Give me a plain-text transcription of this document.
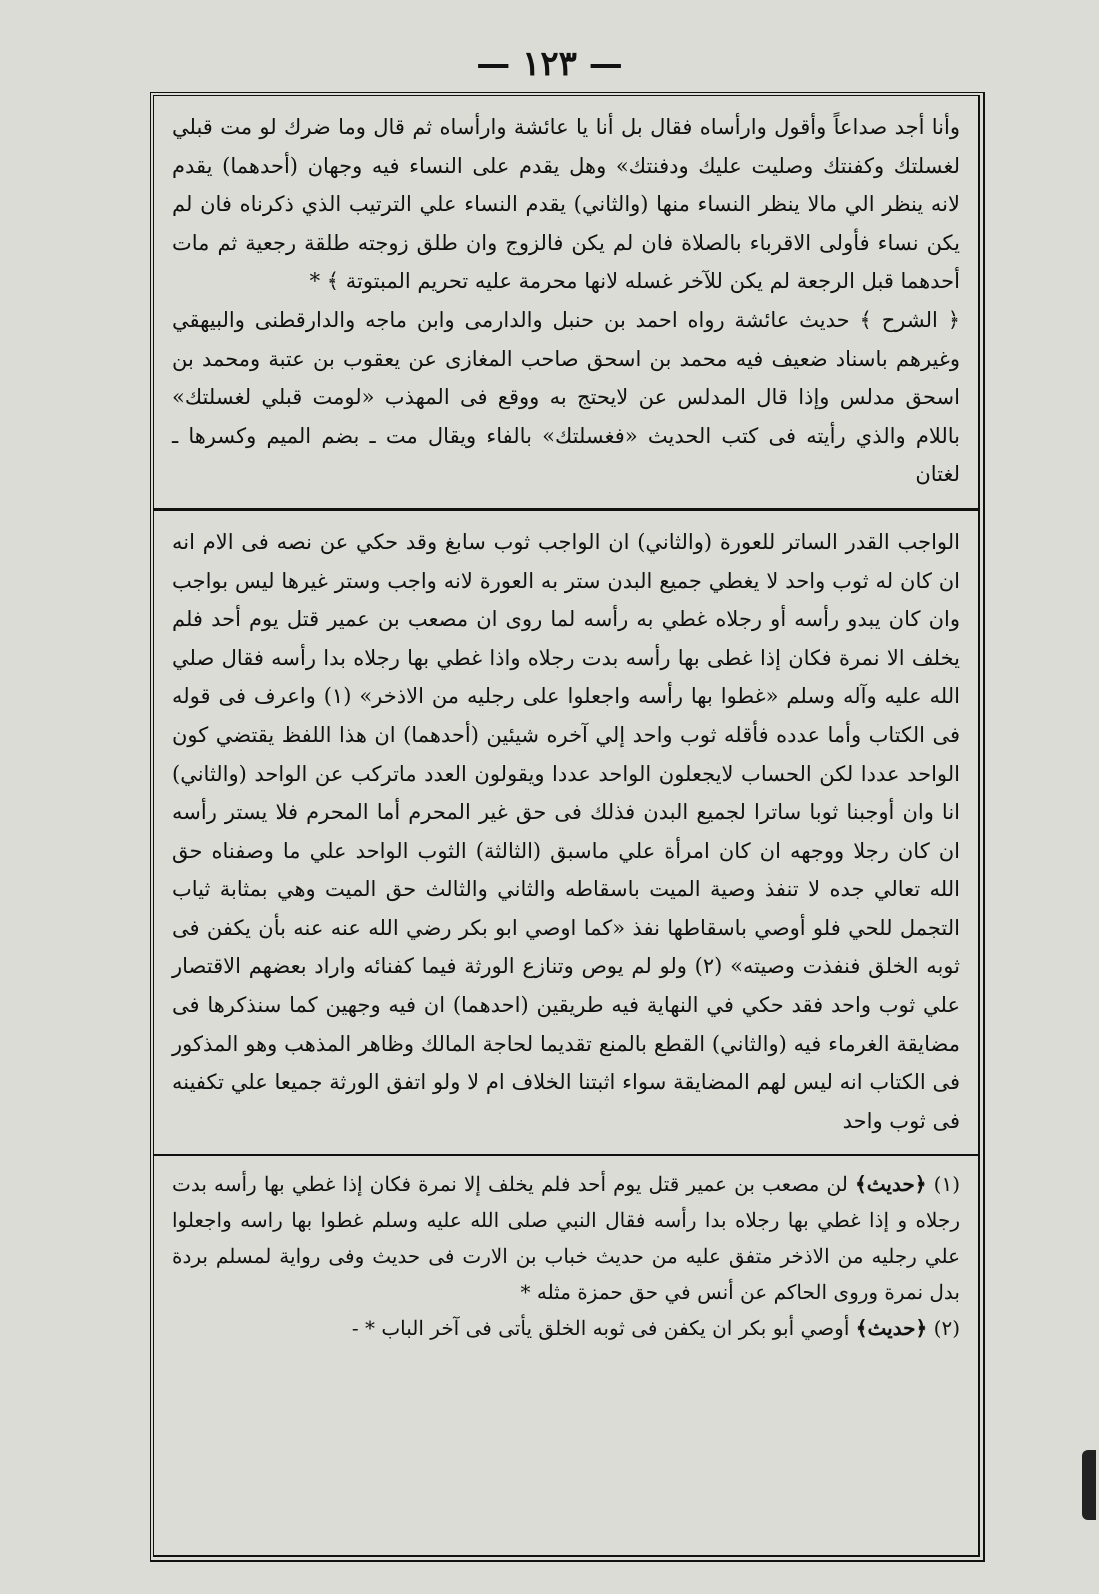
— ١٢٣ —

وأنا أجد صداعاً وأقول وارأساه فقال بل أنا يا عائشة وارأساه ثم قال وما ضرك لو مت قبلي لغسلتك وكفنتك وصليت عليك ودفنتك» وهل يقدم على النساء فيه وجهان (أحدهما) يقدم لانه ينظر الي مالا ينظر النساء منها (والثاني) يقدم النساء علي الترتيب الذي ذكرناه فان لم يكن نساء فأولى الاقرباء بالصلاة فان لم يكن فالزوج وان طلق زوجته طلقة رجعية ثم مات أحدهما قبل الرجعة لم يكن للآخر غسله لانها محرمة عليه تحريم المبتوتة ﴾ *

﴿ الشرح ﴾ حديث عائشة رواه احمد بن حنبل والدارمى وابن ماجه والدارقطنى والبيهقي وغيرهم باسناد ضعيف فيه محمد بن اسحق صاحب المغازى عن يعقوب بن عتبة ومحمد بن اسحق مدلس وإذا قال المدلس عن لايحتج به ووقع فى المهذب «لومت قبلي لغسلتك» باللام والذي رأيته فى كتب الحديث «فغسلتك» بالفاء ويقال مت ـ بضم الميم وكسرها ـ لغتان

الواجب القدر الساتر للعورة (والثاني) ان الواجب ثوب سابغ وقد حكي عن نصه فى الام انه ان كان له ثوب واحد لا يغطي جميع البدن ستر به العورة لانه واجب وستر غيرها ليس بواجب وان كان يبدو رأسه أو رجلاه غطي به رأسه لما روى ان مصعب بن عمير قتل يوم أحد فلم يخلف الا نمرة فكان إذا غطى بها رأسه بدت رجلاه واذا غطي بها رجلاه بدا رأسه فقال صلي الله عليه وآله وسلم «غطوا بها رأسه واجعلوا على رجليه من الاذخر» (١) واعرف فى قوله فى الكتاب وأما عدده فأقله ثوب واحد إلي آخره شيئين (أحدهما) ان هذا اللفظ يقتضي كون الواحد عددا لكن الحساب لايجعلون الواحد عددا ويقولون العدد ماتركب عن الواحد (والثاني) انا وان أوجبنا ثوبا ساترا لجميع البدن فذلك فى حق غير المحرم أما المحرم فلا يستر رأسه ان كان رجلا ووجهه ان كان امرأة علي ماسبق (الثالثة) الثوب الواحد علي ما وصفناه حق الله تعالي جده لا تنفذ وصية الميت باسقاطه والثاني والثالث حق الميت وهي بمثابة ثياب التجمل للحي فلو أوصي باسقاطها نفذ «كما اوصي ابو بكر رضي الله عنه عنه بأن يكفن فى ثوبه الخلق فنفذت وصيته» (٢) ولو لم يوص وتنازع الورثة فيما كفنائه واراد بعضهم الاقتصار علي ثوب واحد فقد حكي في النهاية فيه طريقين (احدهما) ان فيه وجهين كما سنذكرها فى مضايقة الغرماء فيه (والثاني) القطع بالمنع تقديما لحاجة المالك وظاهر المذهب وهو المذكور فى الكتاب انه ليس لهم المضايقة سواء اثبتنا الخلاف ام لا ولو اتفق الورثة جميعا علي تكفينه فى ثوب واحد

(١) ﴿حديث﴾ لن مصعب بن عمير قتل يوم أحد فلم يخلف إلا نمرة فكان إذا غطي بها رأسه بدت رجلاه و إذا غطي بها رجلاه بدا رأسه فقال النبي صلى الله عليه وسلم غطوا بها راسه واجعلوا علي رجليه من الاذخر متفق عليه من حديث خباب بن الارت فى حديث وفى رواية لمسلم بردة بدل نمرة وروى الحاكم عن أنس في حق حمزة مثله *

(٢) ﴿حديث﴾ أوصي أبو بكر ان يكفن فى ثوبه الخلق يأتى فى آخر الباب * -
